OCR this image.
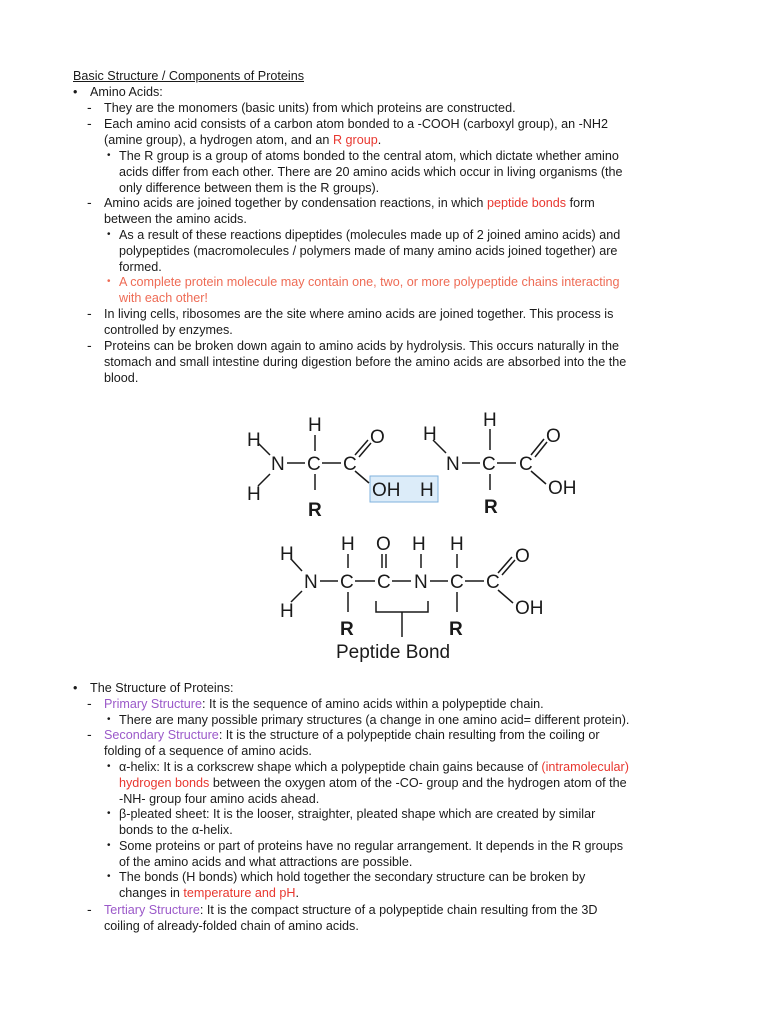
Basic Structure / Components of Proteins
• Amino Acids:
- They are the monomers (basic units) from which proteins are constructed.
- Each amino acid consists of a carbon atom bonded to a -COOH (carboxyl group), an -NH2
(amine group), a hydrogen atom, and an R group.
• The R group is a group of atoms bonded to the central atom, which dictate whether amino
acids differ from each other. There are 20 amino acids which occur in living organisms (the
only difference between them is the R groups).
- Amino acids are joined together by condensation reactions, in which peptide bonds form
between the amino acids.
• As a result of these reactions dipeptides (molecules made up of 2 joined amino acids) and
polypeptides (macromolecules / polymers made of many amino acids joined together) are
formed.
• A complete protein molecule may contain one, two, or more polypeptide chains interacting
with each other!
- In living cells, ribosomes are the site where amino acids are joined together. This process is
controlled by enzymes.
- Proteins can be broken down again to amino acids by hydrolysis. This occurs naturally in the
stomach and small intestine during digestion before the amino acids are absorbed into the the
blood.
H
H
N C C
H
O
OH H
R
H
N C C
H
O
OH
R
H
H
N C C N C C
H O H H
O
OH
R	R
Peptide Bond
• The Structure of Proteins:
- Primary Structure: It is the sequence of amino acids within a polypeptide chain.
• There are many possible primary structures (a change in one amino acid= different protein).
- Secondary Structure: It is the structure of a polypeptide chain resulting from the coiling or
folding of a sequence of amino acids.
• α-helix: It is a corkscrew shape which a polypeptide chain gains because of (intramolecular)
hydrogen bonds between the oxygen atom of the -CO- group and the hydrogen atom of the
-NH- group four amino acids ahead.
• β-pleated sheet: It is the looser, straighter, pleated shape which are created by similar
bonds to the α-helix.
• Some proteins or part of proteins have no regular arrangement. It depends in the R groups
of the amino acids and what attractions are possible.
• The bonds (H bonds) which hold together the secondary structure can be broken by
changes in temperature and pH.
- Tertiary Structure: It is the compact structure of a polypeptide chain resulting from the 3D
coiling of already-folded chain of amino acids.
